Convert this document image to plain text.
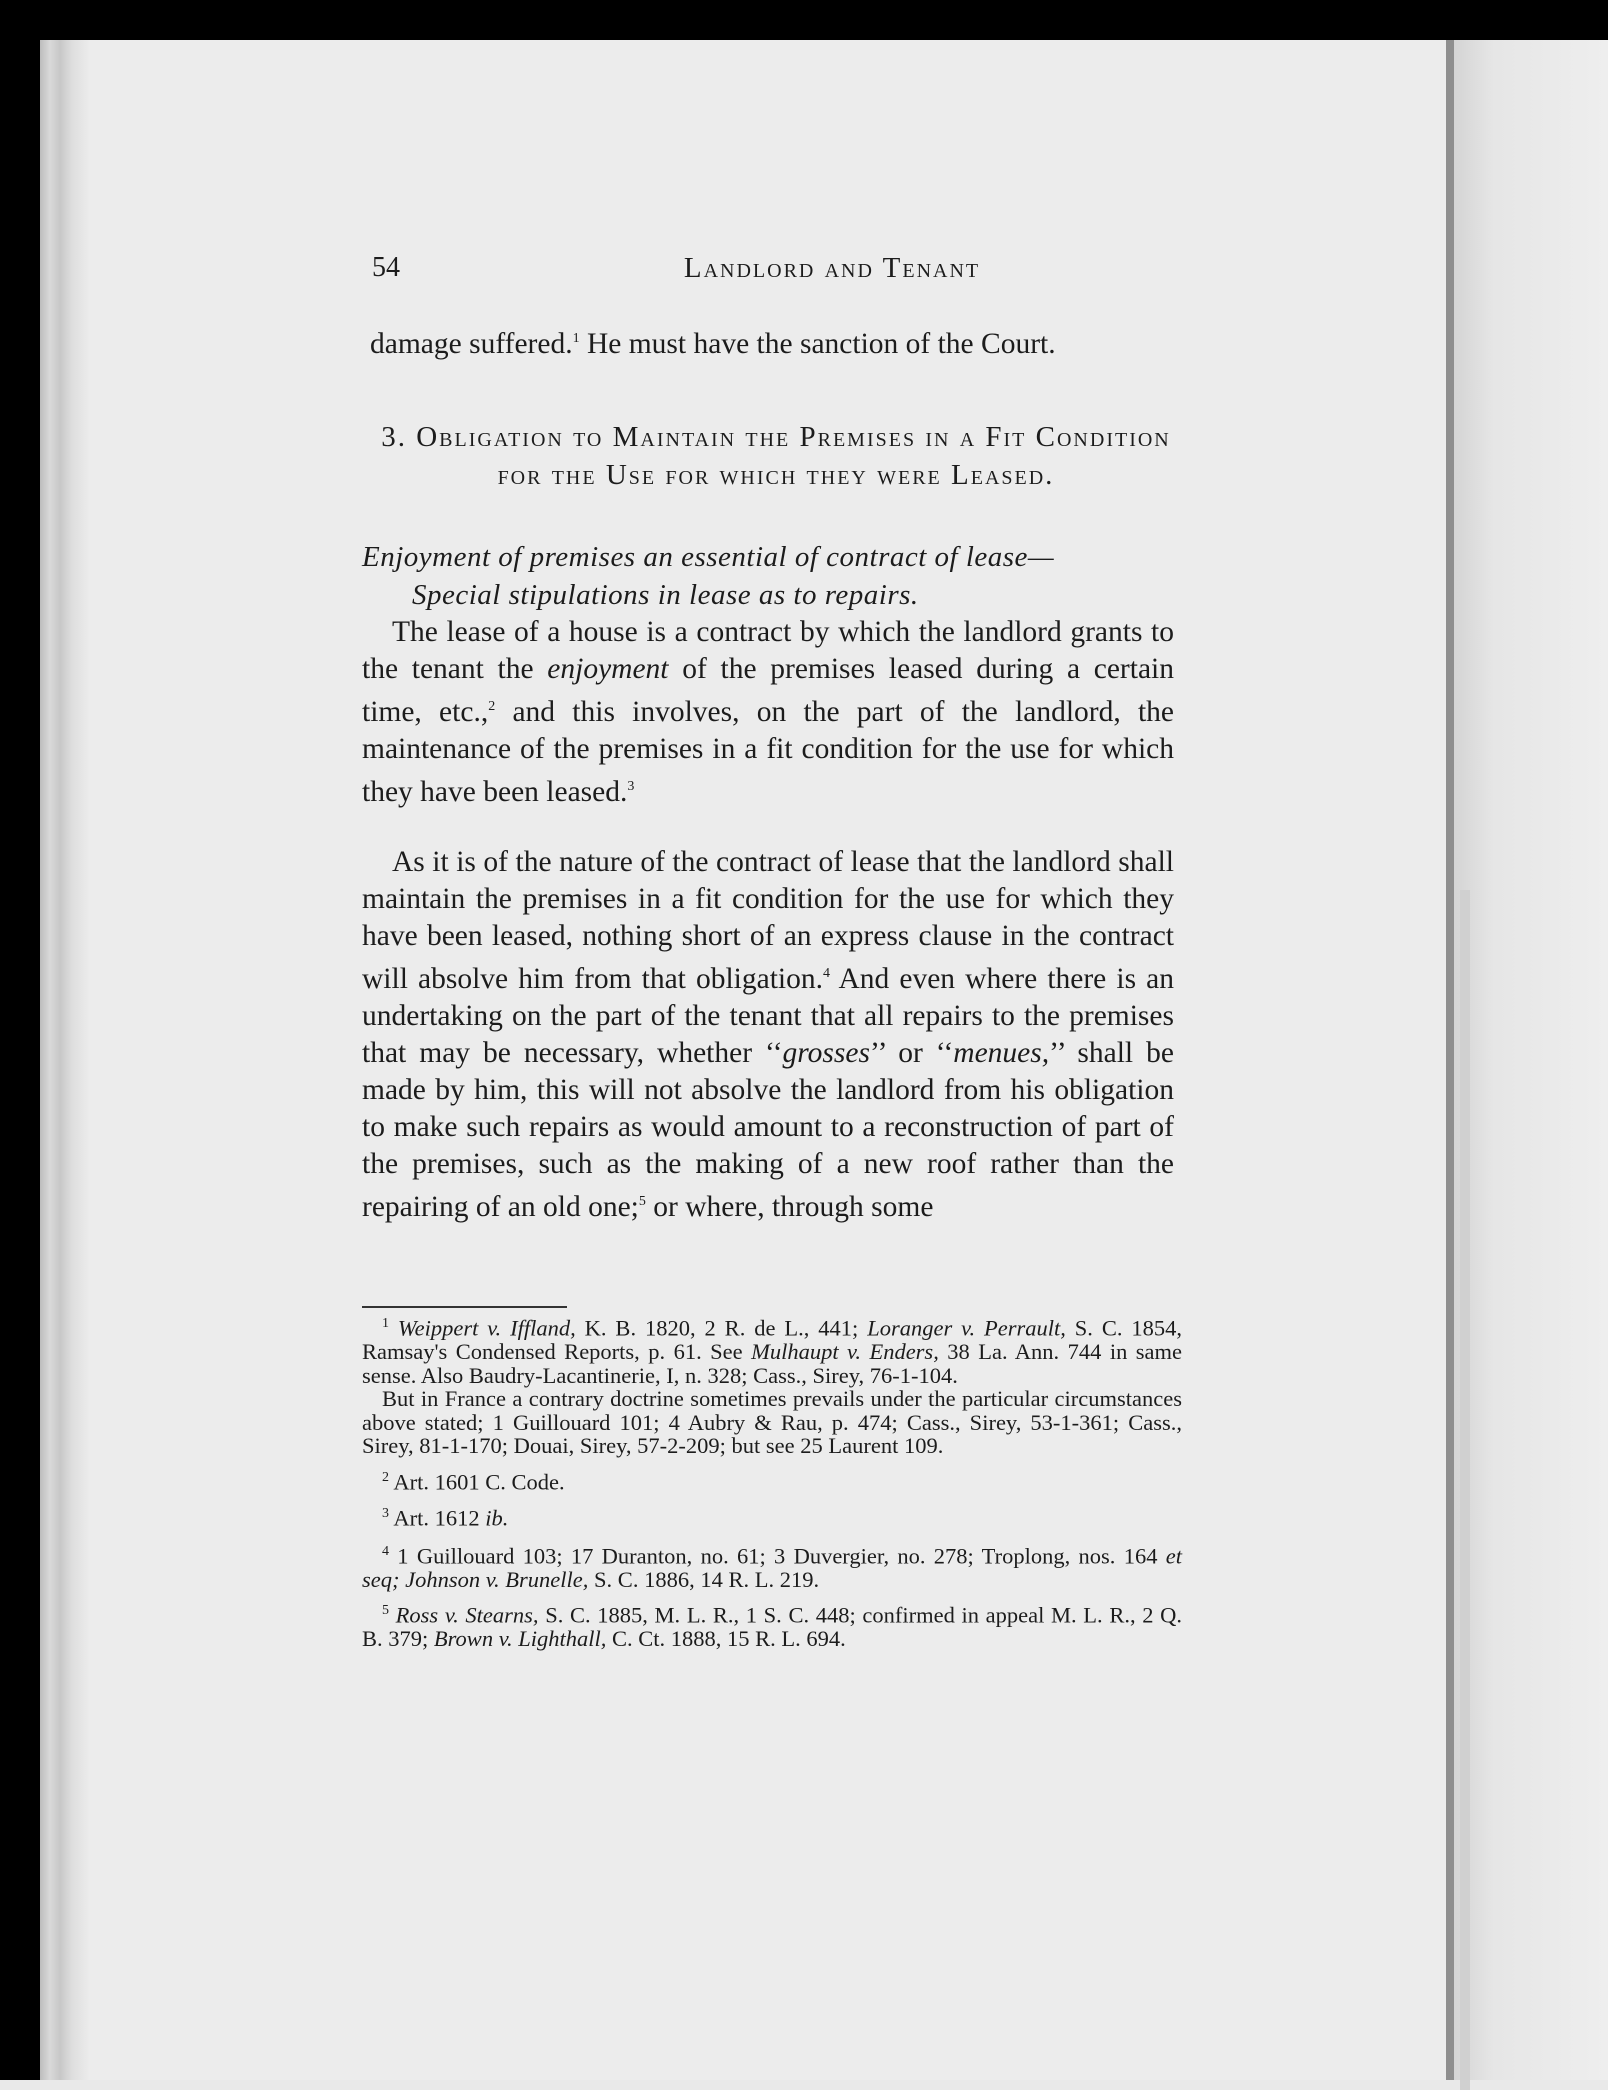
54	Landlord and Tenant

damage suffered.$^1$ He must have the sanction of the Court.

3. Obligation to Maintain the Premises in a Fit Condition for the Use for which they were Leased.
Enjoyment of premises an essential of contract of lease—
Special stipulations in lease as to repairs.

The lease of a house is a contract by which the landlord grants to the tenant the enjoyment of the premises leased during a certain time, etc.,$^2$ and this involves, on the part of the landlord, the maintenance of the premises in a fit condition for the use for which they have been leased.$^3$

As it is of the nature of the contract of lease that the landlord shall maintain the premises in a fit condition for the use for which they have been leased, nothing short of an express clause in the contract will absolve him from that obligation.$^4$ And even where there is an undertaking on the part of the tenant that all repairs to the premises that may be necessary, whether ‘‘grosses’’ or ‘‘menues,’’ shall be made by him, this will not absolve the landlord from his obligation to make such repairs as would amount to a reconstruction of part of the premises, such as the making of a new roof rather than the repairing of an old one;$^5$ or where, through some

$^1$ Weippert v. Iffland, K. B. 1820, 2 R. de L., 441; Loranger v. Perrault, S. C. 1854, Ramsay's Condensed Reports, p. 61. See Mulhaupt v. Enders, 38 La. Ann. 744 in same sense. Also Baudry-Lacantinerie, I, n. 328; Cass., Sirey, 76-1-104.

But in France a contrary doctrine sometimes prevails under the particular circumstances above stated; 1 Guillouard 101; 4 Aubry & Rau, p. 474; Cass., Sirey, 53-1-361; Cass., Sirey, 81-1-170; Douai, Sirey, 57-2-209; but see 25 Laurent 109.

$^2$ Art. 1601 C. Code.

$^3$ Art. 1612 ib.

$^4$ 1 Guillouard 103; 17 Duranton, no. 61; 3 Duvergier, no. 278; Troplong, nos. 164 et seq; Johnson v. Brunelle, S. C. 1886, 14 R. L. 219.

$^5$ Ross v. Stearns, S. C. 1885, M. L. R., 1 S. C. 448; confirmed in appeal M. L. R., 2 Q. B. 379; Brown v. Lighthall, C. Ct. 1888, 15 R. L. 694.
